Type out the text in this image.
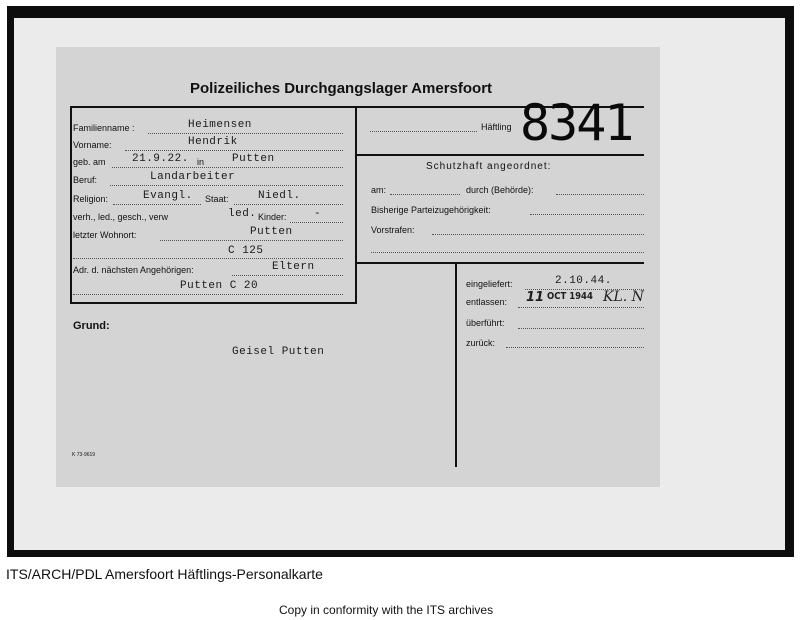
Polizeiliches Durchgangslager Amersfoort
Familienname :	Heimensen
Vorname:	Hendrik
geb. am 21.9.22. in	Putten
Beruf:	Landarbeiter
Religion:	Evangl. Staat:	Niedl.
verh., led., gesch., verw	led. Kinder: -
letzter Wohnort:	Putten
C 125
Adr. d. nächsten Angehörigen:	Eltern
Putten C 20
Grund:
Geisel Putten
K 73-9619
Häftling 8341
Schutzhaft angeordnet:
am:	durch (Behörde):
Bisherige Parteizugehörigkeit:
Vorstrafen:
eingeliefert:	2.10.44.
entlassen: 11 OCT 1944 KL. N
überführt:
zurück:
ITS/ARCH/PDL Amersfoort Häftlings-Personalkarte
Copy in conformity with the ITS archives
